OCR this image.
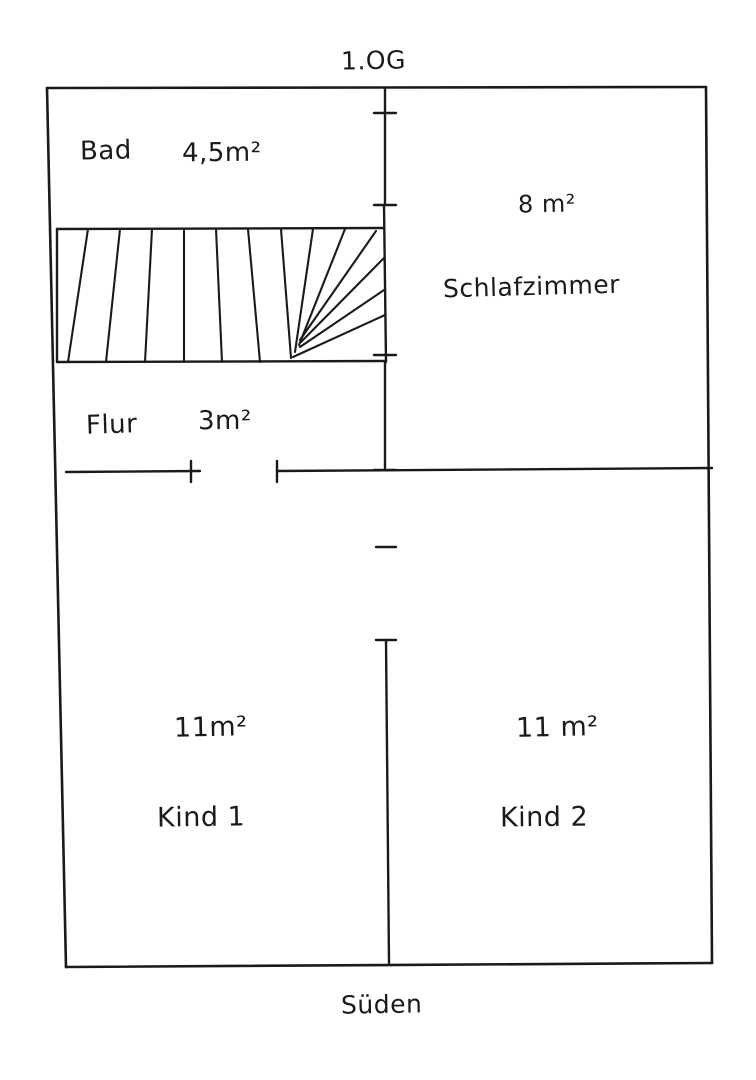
1.OG
Süden
Bad 4,5m²
8 m²
Schlafzimmer
Flur 3m²
11m²
Kind 1
11 m²
Kind 2
